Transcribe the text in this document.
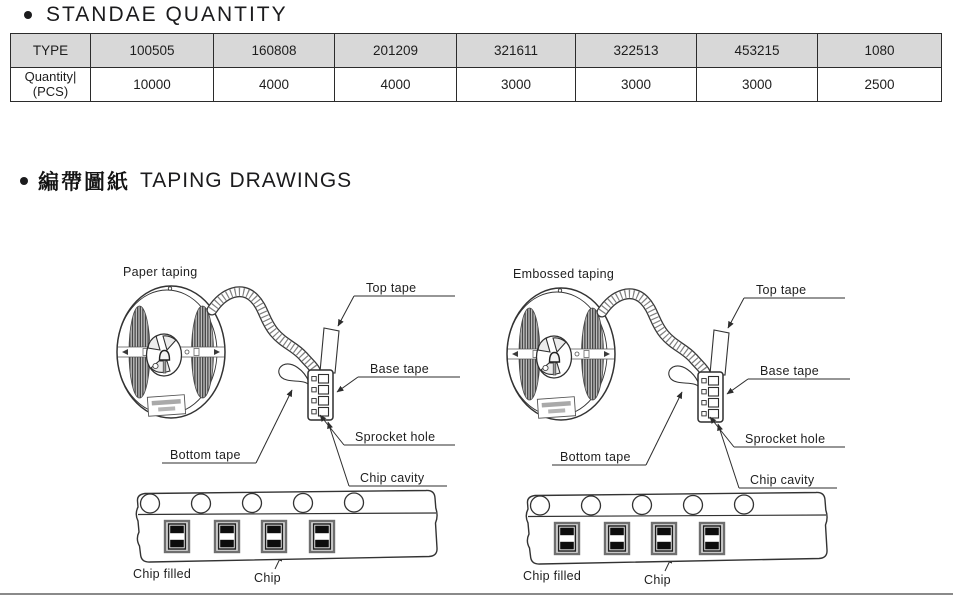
STANDAE QUANTITY
TYPE	100505	160808	201209	321611	322513	453215	1080

Quantity|
(PCS)	10000	4000	4000	3000	3000	3000	2500
編帶圖紙 TAPING DRAWINGS
Paper taping
Top tape
Base tape
Sprocket hole
Chip cavity
Bottom tape
Chip filled	Chip
Embossed taping
Top tape
Base tape
Sprocket hole
Chip cavity
Bottom tape
Chip filled	Chip
